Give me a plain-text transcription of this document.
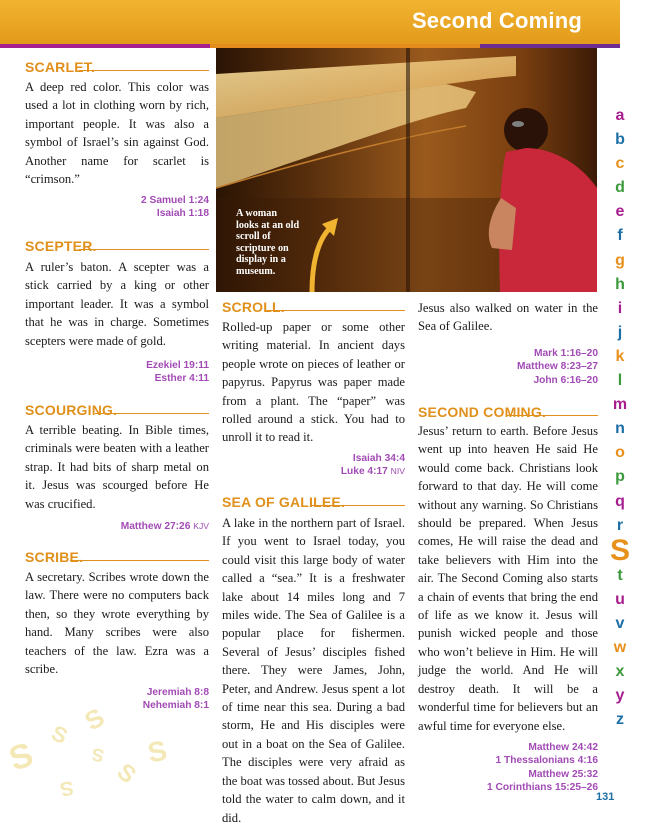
Second Coming
SCARLET.

A deep red color. This color was used a lot in clothing worn by rich, important people. It was also a symbol of Israel’s sin against God. Another name for scarlet is “crimson.”

2 Samuel 1:24
Isaiah 1:18
SCEPTER.

A ruler’s baton. A scepter was a stick carried by a king or other important leader. It was a symbol that he was in charge. Sometimes scepters were made of gold.

Ezekiel 19:11
Esther 4:11
SCOURGING.

A terrible beating. In Bible times, criminals were beaten with a leather strap. It had bits of sharp metal on it. Jesus was scourged before He was crucified.

Matthew 27:26 KJV
SCRIBE.

A secretary. Scribes wrote down the law. There were no computers back then, so they wrote everything by hand. Many scribes were also teachers of the law. Ezra was a scribe.

Jeremiah 8:8
Nehemiah 8:1
S
S S
S
S
S
S
A woman looks at an old scroll of scripture on display in a museum.
SCROLL.

Rolled-up paper or some other writing material. In ancient days people wrote on pieces of leather or papyrus. Papyrus was paper made from a plant. The “paper” was rolled around a stick. You had to unroll it to read it.

Isaiah 34:4
Luke 4:17 NIV
SEA OF GALILEE.

A lake in the northern part of Israel. If you went to Israel today, you could visit this large body of water called a “sea.” It is a freshwater lake about 14 miles long and 7 miles wide. The Sea of Galilee is a popular place for fishermen. Several of Jesus’ disciples fished there. They were James, John, Peter, and Andrew. Jesus spent a lot of time near this sea. During a bad storm, He and His disciples were out in a boat on the Sea of Galilee. The disciples were very afraid as the boat was tossed about. But Jesus told the water to calm down, and it did.

Jesus also walked on water in the Sea of Galilee.

Mark 1:16–20
Matthew 8:23–27
John 6:16–20
SECOND COMING.

Jesus’ return to earth. Before Jesus went up into heaven He said He would come back. Christians look forward to that day. He will come without any warning. So Christians should be prepared. When Jesus comes, He will raise the dead and take believers with Him into the air. The Second Coming also starts a chain of events that bring the end of life as we know it. Jesus will punish wicked people and those who won’t believe in Him. He will judge the world. And He will destroy death. It will be a wonderful time for believers but an awful time for everyone else.

Matthew 24:42
1 Thessalonians 4:16
Matthew 25:32
1 Corinthians 15:25–26
a
b
c
d
e
f
g
h
i
j
k
l
m
n
o
p
q
r
S
t
u
v
w
x
y
z
131
